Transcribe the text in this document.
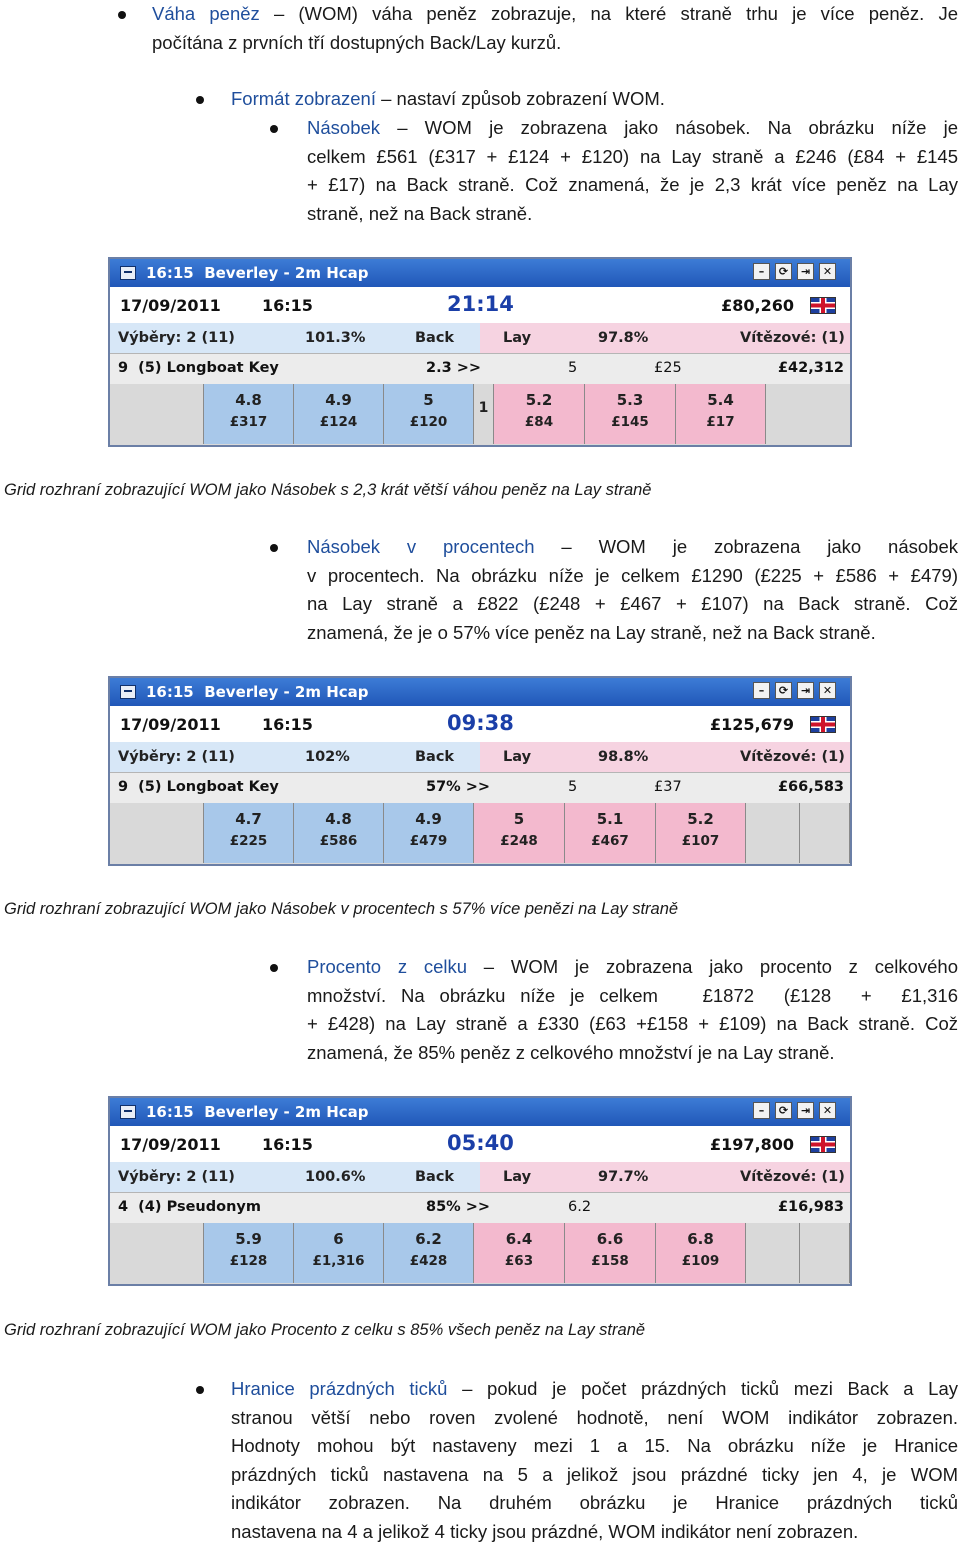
Váha peněz – (WOM) váha peněz zobrazuje, na které straně trhu je více peněz. Je
počítána z prvních tří dostupných Back/Lay kurzů.
Formát zobrazení – nastaví způsob zobrazení WOM.
Násobek – WOM je zobrazena jako násobek. Na obrázku níže je
celkem £561 (£317 + £124 + £120) na Lay straně a £246 (£84 + £145
+ £17) na Back straně. Což znamená, že je 2,3 krát více peněz na Lay
straně, než na Back straně.
16:15  Beverley - 2m Hcap	–	⟳	⇥	✕
17/09/2011	16:15	21:14	£80,260
Výběry: 2 (11)	101.3%	Back	Lay	97.8%	Vítězové: (1)
9  (5) Longboat Key	2.3 >>	5	£25	£42,312
4.8
£317
4.9
£124
5
£120
1	5.2
£84
5.3
£145
5.4
£17
Grid rozhraní zobrazující WOM jako Násobek s 2,3 krát větší váhou peněz na Lay straně
Násobek v procentech – WOM je zobrazena jako násobek
v procentech. Na obrázku níže je celkem £1290 (£225 + £586 + £479)
na Lay straně a £822 (£248 + £467 + £107) na Back straně. Což
znamená, že je o 57% více peněz na Lay straně, než na Back straně.
16:15  Beverley - 2m Hcap	–	⟳	⇥	✕
17/09/2011	16:15	09:38	£125,679
Výběry: 2 (11)	102%	Back	Lay	98.8%	Vítězové: (1)
9  (5) Longboat Key	57% >>	5	£37	£66,583
4.7
£225
4.8
£586
4.9
£479
5
£248
5.1
£467
5.2
£107
Grid rozhraní zobrazující WOM jako Násobek v procentech s 57% více penězi na Lay straně
Procento z celku – WOM je zobrazena jako procento z celkového
množství. Na obrázku níže je celkem   £1872  (£128  +  £1,316
+ £428) na Lay straně a £330 (£63 +£158 + £109) na Back straně. Což
znamená, že 85% peněz z celkového množství je na Lay straně.
16:15  Beverley - 2m Hcap	–	⟳	⇥	✕
17/09/2011	16:15	05:40	£197,800
Výběry: 2 (11)	100.6%	Back	Lay	97.7%	Vítězové: (1)
4  (4) Pseudonym	85% >>	6.2	£16,983
5.9
£128
6
£1,316
6.2
£428
6.4
£63
6.6
£158
6.8
£109
Grid rozhraní zobrazující WOM jako Procento z celku s 85% všech peněz na Lay straně
Hranice prázdných ticků – pokud je počet prázdných ticků mezi Back a Lay
stranou větší nebo roven zvolené hodnotě, není WOM indikátor zobrazen.
Hodnoty mohou být nastaveny mezi 1 a 15. Na obrázku níže je Hranice
prázdných ticků nastavena na 5 a jelikož jsou prázdné ticky jen 4, je WOM
indikátor zobrazen. Na druhém obrázku je Hranice prázdných ticků
nastavena na 4 a jelikož 4 ticky jsou prázdné, WOM indikátor není zobrazen.
